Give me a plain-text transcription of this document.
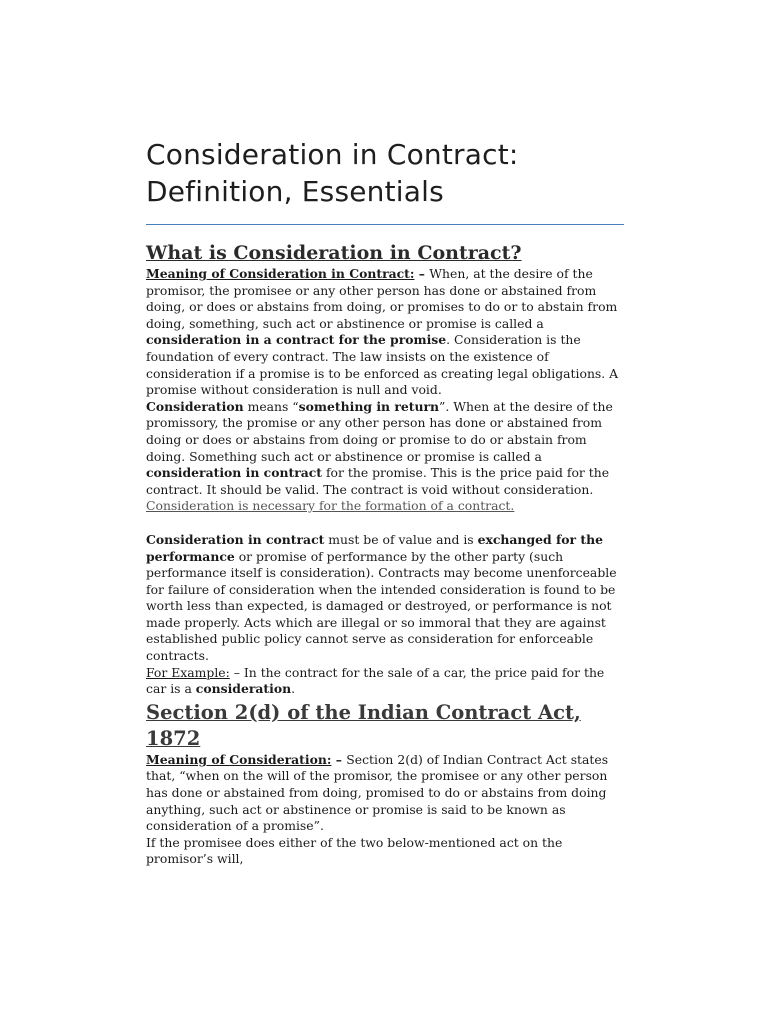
Consideration in Contract:
Definition, Essentials
What is Consideration in Contract?

Meaning of Consideration in Contract: – When, at the desire of the promisor, the promisee or any other person has done or abstained from doing, or does or abstains from doing, or promises to do or to abstain from doing, something, such act or abstinence or promise is called a consideration in a contract for the promise. Consideration is the foundation of every contract. The law insists on the existence of consideration if a promise is to be enforced as creating legal obligations. A promise without consideration is null and void.

Consideration means “something in return”. When at the desire of the promissory, the promise or any other person has done or abstained from doing or does or abstains from doing or promise to do or abstain from doing. Something such act or abstinence or promise is called a consideration in contract for the promise. This is the price paid for the contract. It should be valid. The contract is void without consideration. Consideration is necessary for the formation of a contract.

Consideration in contract must be of value and is exchanged for the performance or promise of performance by the other party (such performance itself is consideration). Contracts may become unenforceable for failure of consideration when the intended consideration is found to be worth less than expected, is damaged or destroyed, or performance is not made properly. Acts which are illegal or so immoral that they are against established public policy cannot serve as consideration for enforceable contracts.

For Example: – In the contract for the sale of a car, the price paid for the car is a consideration.

Section 2(d) of the Indian Contract Act, 1872

Meaning of Consideration: – Section 2(d) of Indian Contract Act states that, “when on the will of the promisor, the promisee or any other person has done or abstained from doing, promised to do or abstains from doing anything, such act or abstinence or promise is said to be known as consideration of a promise”.

If the promisee does either of the two below-mentioned act on the promisor’s will,
